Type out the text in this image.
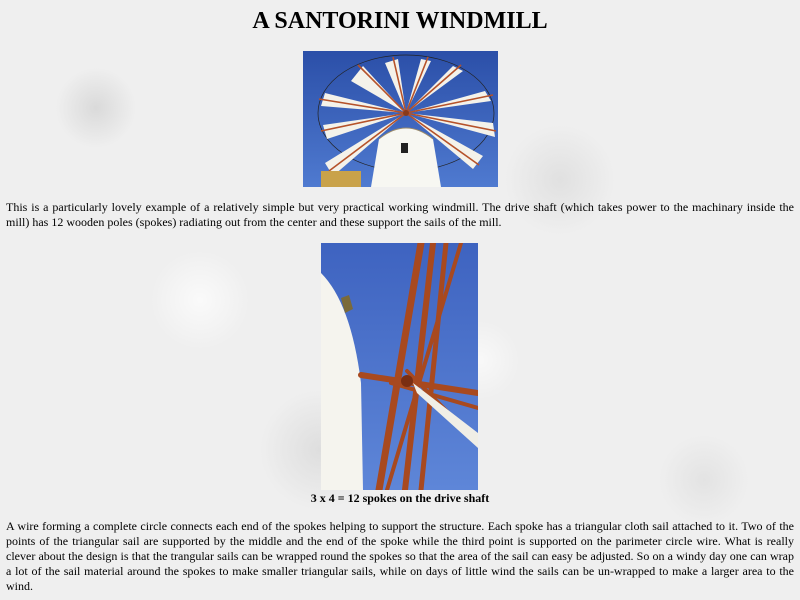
A SANTORINI WINDMILL

This is a particularly lovely example of a relatively simple but very practical working windmill. The drive shaft (which takes power to the machinary inside the mill) has 12 wooden poles (spokes) radiating out from the center and these support the sails of the mill.

3 x 4 = 12 spokes on the drive shaft

A wire forming a complete circle connects each end of the spokes helping to support the structure. Each spoke has a triangular cloth sail attached to it. Two of the points of the triangular sail are supported by the middle and the end of the spoke while the third point is supported on the parimeter circle wire. What is really clever about the design is that the trangular sails can be wrapped round the spokes so that the area of the sail can easy be adjusted. So on a windy day one can wrap a lot of the sail material around the spokes to make smaller triangular sails, while on days of little wind the sails can be un-wrapped to make a larger area to the wind.
